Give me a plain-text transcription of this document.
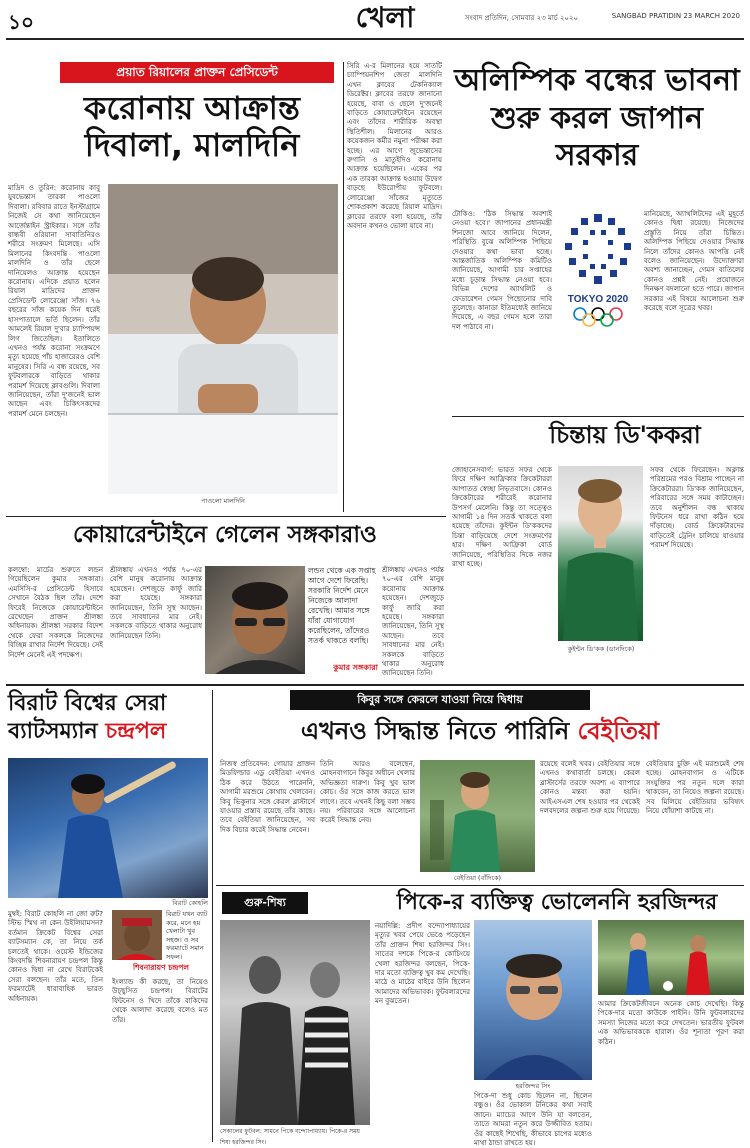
১০	খেলা	সংবাদ প্রতিদিন, সোমবার ২৩ মার্চ ২০২০	SANGBAD PRATIDIN 23 MARCH 2020
প্রয়াত রিয়ালের প্রাক্তন প্রেসিডেন্ট
করোনায় আক্রান্ত দিবালা, মালদিনি
মাদ্রিদ ও তুরিন: করোনায় কাবু যুবভেন্তাস তারকা পাওলো দিবালা। রবিবার রাতে ইনস্টাগ্রামে নিজেই সে কথা জানিয়েছেন আর্জেন্তাইন স্ট্রাইকার। সঙ্গে তাঁর বান্ধবী ওরিয়ানা সাবাতিনিরও শরীরে সংক্রমণ মিলেছে। এসি মিলানের কিংবদন্তি পাওলো মালদিনি ও তাঁর ছেলে দানিয়েলও আক্রান্ত হয়েছেন করোনায়। এদিকে প্রয়াত হলেন রিয়াল মাদ্রিদের প্রাক্তন প্রেসিডেন্ট লোরেঞ্জো সাঁজ। ৭৬ বছরের সাঁজ কয়েক দিন ধরেই হাসপাতালে ভর্তি ছিলেন। তাঁর আমলেই রিয়াল দু'বার চ্যাম্পিয়ন্স লিগ জিতেছিল। ইতালিতে এখনও পর্যন্ত করোনা সংক্রমণে মৃত্যু হয়েছে পাঁচ হাজারেরও বেশি মানুষের। সিরি এ বন্ধ রয়েছে, সব ফুটবলারকে বাড়িতে থাকার পরামর্শ দিয়েছে ক্লাবগুলি। দিবালা জানিয়েছেন, তাঁরা দু'জনেই ভাল আছেন এবং চিকিৎসকদের পরামর্শ মেনে চলছেন।
পাওলো মালদিনি
সিরি এ-র মিলানের হয়ে সাতটি চ্যাম্পিয়নশিপ জেতা মালদিনি এখন ক্লাবের টেকনিক্যাল ডিরেক্টর। ক্লাবের তরফে জানানো হয়েছে, বাবা ও ছেলে দু'জনেই বাড়িতে কোয়ারেন্টাইনে রয়েছেন এবং তাঁদের শারীরিক অবস্থা স্থিতিশীল। মিলানের আরও কয়েকজন কর্মীর নমুনা পরীক্ষা করা হচ্ছে। এর আগে জুভেন্তাসের রুগানি ও মাতুইদিও করোনায় আক্রান্ত হয়েছিলেন। একের পর এক তারকা আক্রান্ত হওয়ায় উদ্বেগ বাড়ছে ইউরোপীয় ফুটবলে। লোরেঞ্জো সাঁজের মৃত্যুতে শোকপ্রকাশ করেছে রিয়াল মাদ্রিদ। ক্লাবের তরফে বলা হয়েছে, তাঁর অবদান কখনও ভোলা যাবে না।
অলিম্পিক বন্ধের ভাবনা শুরু করল জাপান সরকার
টোকিও: 'ঠিক সিদ্ধান্ত অবশ্যই নেওয়া হবে।' জাপানের প্রধানমন্ত্রী শিনজো আবে জানিয়ে দিলেন, পরিস্থিতি বুঝে অলিম্পিক পিছিয়ে দেওয়ার কথা ভাবা হচ্ছে। আন্তর্জাতিক অলিম্পিক কমিটিও জানিয়েছে, আগামী চার সপ্তাহের মধ্যে চূড়ান্ত সিদ্ধান্ত নেওয়া হবে। বিভিন্ন দেশের অ্যাথলিট ও ফেডারেশন গেমস পিছোনোর দাবি তুলেছে। কানাডা ইতিমধ্যেই জানিয়ে দিয়েছে, এ বছর গেমস হলে তারা দল পাঠাবে না।
TOKYO 2020
মানিয়েছে, অ্যাথলিটদের এই মুহূর্তে কোনও দ্বিধা রয়েছে। নিজেদের প্রস্তুতি নিয়ে তাঁরা চিন্তিত। অলিম্পিক পিছিয়ে দেওয়ার সিদ্ধান্ত নিলে তাঁদের কোনও আপত্তি নেই বলেও জানিয়েছেন। উদ্যোক্তারা অবশ্য জানাচ্ছেন, গেমস বাতিলের কোনও প্রশ্নই নেই। প্রয়োজনে দিনক্ষণ বদলানো হতে পারে। জাপান সরকার এই বিষয়ে আলোচনা শুরু করেছে বলে সূত্রের খবর।
চিন্তায় ডি'ককরা
জোহানেসবার্গ: ভারত সফর থেকে ফিরে দক্ষিণ আফ্রিকার ক্রিকেটাররা আপাতত স্বেচ্ছা নিভৃতবাসে। কোনও ক্রিকেটারের শরীরেই করোনার উপসর্গ মেলেনি। কিন্তু তা সত্ত্বেও আগামী ১৪ দিন সতর্ক থাকতে বলা হয়েছে তাঁদের। কুইন্টন ডি'ককদের চিন্তা বাড়িয়েছে দেশে সংক্রমণের হার। দক্ষিণ আফ্রিকা বোর্ড জানিয়েছে, পরিস্থিতির দিকে নজর রাখা হচ্ছে।
কুইন্টন ডি'কক (ডানদিকে)
সফর থেকে ফিরেছেন। অক্লান্ত পরিশ্রমের পরও বিশ্রাম পাচ্ছেন না ক্রিকেটাররা। ডি'কক জানিয়েছেন, পরিবারের সঙ্গে সময় কাটাচ্ছেন। তবে অনুশীলন বন্ধ থাকায় ফিটনেস ধরে রাখা কঠিন হয়ে দাঁড়াচ্ছে। বোর্ড ক্রিকেটারদের বাড়িতেই ট্রেনিং চালিয়ে যাওয়ার পরামর্শ দিয়েছে।
কোয়ারেন্টাইনে গেলেন সঙ্গকারাও
কলম্বো: মার্চের শুরুতে লন্ডন গিয়েছিলেন কুমার সঙ্গকারা। এমসিসি-র প্রেসিডেন্ট হিসাবে সেখানে বৈঠক ছিল তাঁর। দেশে ফিরেই নিজেকে কোয়ারেন্টাইনে রেখেছেন প্রাক্তন শ্রীলঙ্কা অধিনায়ক। শ্রীলঙ্কা সরকার বিদেশ থেকে ফেরা সকলকে নিজেদের বিচ্ছিন্ন রাখার নির্দেশ দিয়েছে। সেই নির্দেশ মেনেই এই পদক্ষেপ।
শ্রীলঙ্কায় এখনও পর্যন্ত ৭০-এর বেশি মানুষ করোনায় আক্রান্ত হয়েছেন। দেশজুড়ে কার্ফু জারি করা হয়েছে। সঙ্গকারা জানিয়েছেন, তিনি সুস্থ আছেন। তবে সাবধানের মার নেই। সকলকে বাড়িতে থাকার অনুরোধ জানিয়েছেন তিনি।
লন্ডন থেকে এক সপ্তাহ আগে দেশে ফিরেছি। সরকারি নির্দেশ মেনে নিজেকে আলাদা রেখেছি। আমার সঙ্গে যাঁরা যোগাযোগ করেছিলেন, তাঁদেরও সতর্ক থাকতে বলছি।
কুমার সঙ্গকারা
শ্রীলঙ্কায় এখনও পর্যন্ত ৭০-এর বেশি মানুষ করোনায় আক্রান্ত হয়েছেন। দেশজুড়ে কার্ফু জারি করা হয়েছে। সঙ্গকারা জানিয়েছেন, তিনি সুস্থ আছেন। তবে সাবধানের মার নেই। সকলকে বাড়িতে থাকার অনুরোধ জানিয়েছেন তিনি।
বিরাট বিশ্বের সেরা ব্যাটসম্যান চন্দ্রপল
বিরাট কোহলি
মুম্বই: বিরাট কোহলি না জো রুট? স্টিভ স্মিথ না কেন উইলিয়ামসন? বর্তমান ক্রিকেট বিশ্বের সেরা ব্যাটসম্যান কে, তা নিয়ে তর্ক চলতেই থাকে। ওয়েস্ট ইন্ডিজের কিংবদন্তি শিবনারায়ণ চন্দ্রপল কিন্তু কোনও দ্বিধা না রেখে বিরাটকেই সেরা বলছেন। তাঁর মতে, তিন ফরম্যাটেই ধারাবাহিক ভারত অধিনায়ক।
বিরাট যখন ব্যাট করে, মনে হয় খেলাটা খুব সহজ। ও সব ফরম্যাটে সমান সফল।
শিবনারায়ণ চন্দ্রপল
ইংল্যান্ড কী করছে, তা নিয়েও উচ্ছ্বসিত চন্দ্রপল। বিরাটের ফিটনেস ও খিদে তাঁকে বাকিদের থেকে আলাদা করেছে বলেও মত তাঁর।
কিবুর সঙ্গে কেরলে যাওয়া নিয়ে দ্বিধায়
এখনও সিদ্ধান্ত নিতে পারিনি বেইতিয়া
নিজস্ব প্রতিবেদন: গোয়ার প্রাক্তন মিডফিল্ডার এডু বেইতিয়া এখনও ঠিক করে উঠতে পারেননি, আগামী মরশুমে কোথায় খেলবেন। কিবু ভিকুনার সঙ্গে কেরল ব্লাস্টার্সে যাওয়ার প্রস্তাব রয়েছে তাঁর কাছে। তবে বেইতিয়া জানিয়েছেন, সব দিক বিচার করেই সিদ্ধান্ত নেবেন।
তিনি আরও বলেছেন, মোহনবাগানে কিবুর অধীনে খেলার অভিজ্ঞতা দারুণ। কিবু খুব ভাল কোচ। ওঁর সঙ্গে কাজ করতে ভাল লাগে। তবে এখনই কিছু বলা সম্ভব নয়। পরিবারের সঙ্গে আলোচনা করেই সিদ্ধান্ত নেব।
বেইতিয়া (বাঁদিকে)
রয়েছে বলেই খবর। বেইতিয়ার সঙ্গে এখনও কথাবার্তা চলছে। কেরল ব্লাস্টার্সের তরফে অবশ্য এ ব্যাপারে কোনও মন্তব্য করা হয়নি। আইএসএল শেষ হওয়ার পর থেকেই দলবদলের জল্পনা শুরু হয়ে গিয়েছে।
বেইতিয়ার চুক্তি এই মরশুমেই শেষ হচ্ছে। মোহনবাগান ও এটিকে সংযুক্তির পর নতুন দলে কারা থাকবেন, তা নিয়েও জল্পনা রয়েছে। সব মিলিয়ে বেইতিয়ার ভবিষ্যৎ নিয়ে ধোঁয়াশা কাটছে না।
গুরু-শিষ্য	পিকে-র ব্যক্তিত্ব ভোলেননি হরজিন্দর
সেকালের ফুটবল: সামনে পিকে বন্দ্যোপাধ্যায়। পিকে-র সময় শিষ্য হরজিন্দর সিং।
নয়াদিল্লি: প্রদীপ বন্দ্যোপাধ্যায়ের মৃত্যুর খবর পেয়ে ভেঙে পড়েছেন তাঁর প্রাক্তন শিষ্য হরজিন্দর সিং। সাতের দশকে পিকে-র কোচিংয়ে খেলা হরজিন্দর বলছেন, পিকে-দার মতো ব্যক্তিত্ব খুব কম দেখেছি। মাঠে ও মাঠের বাইরে উনি ছিলেন আমাদের অভিভাবক। ফুটবলারদের মন বুঝতেন।
হরজিন্দর সিং
পিকে-দা শুধু কোচ ছিলেন না, ছিলেন বন্ধুও। ওঁর ভোকাল টনিকের কথা সবাই জানে। ম্যাচের আগে উনি যা বলতেন, তাতে আমরা নতুন করে উজ্জীবিত হতাম। ওঁর কাছেই শিখেছি, কীভাবে চাপের মধ্যেও মাথা ঠান্ডা রাখতে হয়।
আমার ক্রিকেটজীবনে অনেক কোচ দেখেছি। কিন্তু পিকে-দার মতো কাউকে পাইনি। উনি ফুটবলারদের সমস্যা নিজের মতো করে দেখতেন। ভারতীয় ফুটবল এক অভিভাবককে হারাল। ওঁর শূন্যতা পূরণ করা কঠিন।
